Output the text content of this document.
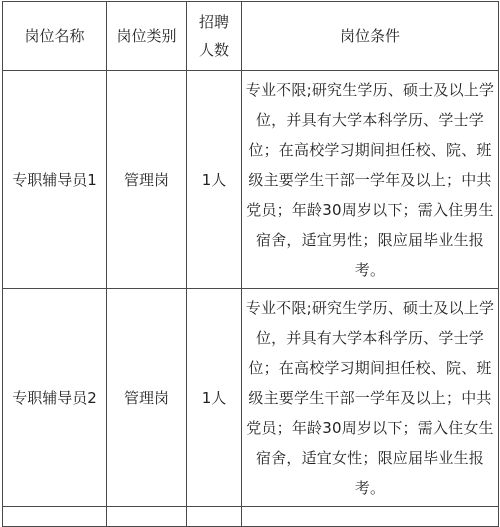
岗位名称	岗位类别	招聘人数	岗位条件
专职辅导员1	管理岗	1人	专业不限;研究生学历、硕士及以上学位，并具有大学本科学历、学士学位；在高校学习期间担任校、院、班级主要学生干部一学年及以上；中共党员；年龄30周岁以下；需入住男生宿舍，适宜男性；限应届毕业生报考。
专职辅导员2	管理岗	1人	专业不限;研究生学历、硕士及以上学位，并具有大学本科学历、学士学位；在高校学习期间担任校、院、班级主要学生干部一学年及以上；中共党员；年龄30周岁以下；需入住女生宿舍，适宜女性；限应届毕业生报考。
